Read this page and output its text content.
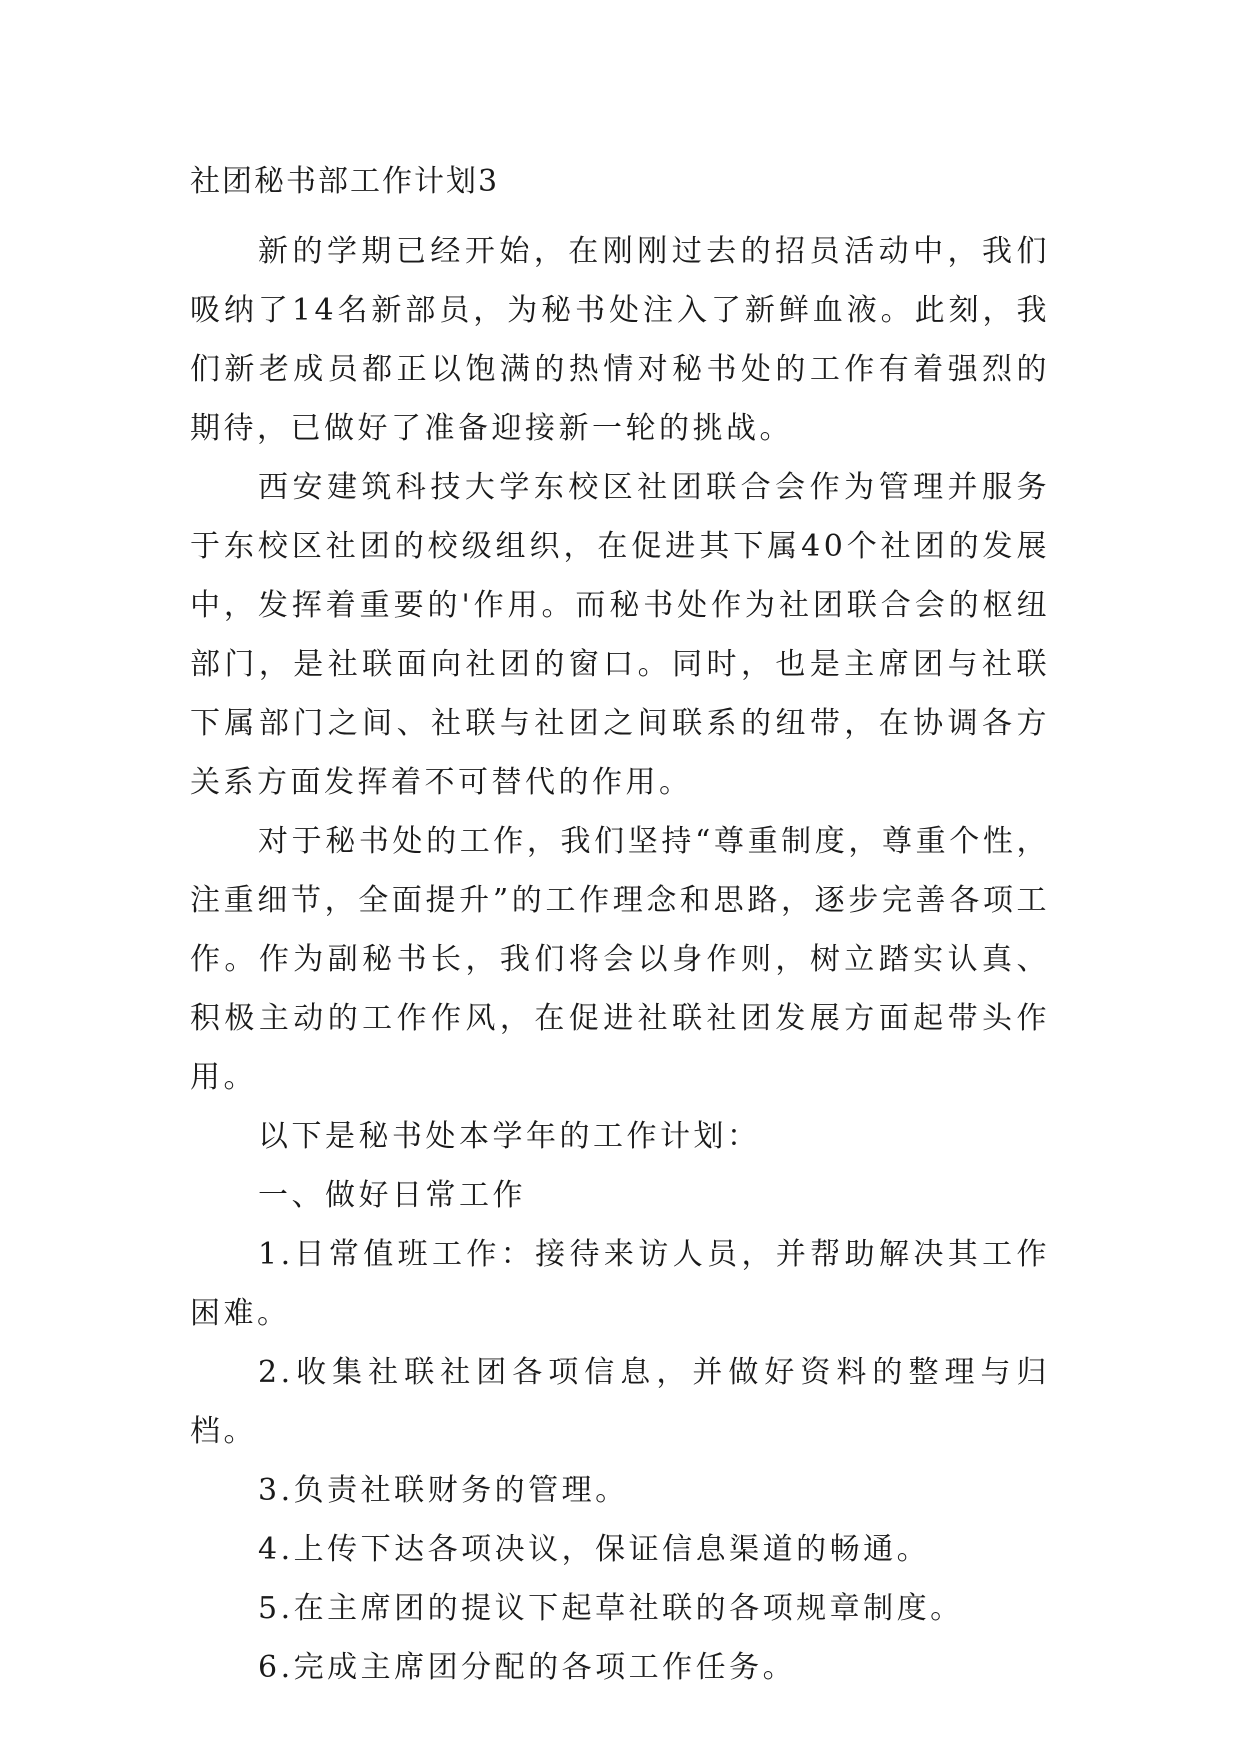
社团秘书部工作计划3

新的学期已经开始，在刚刚过去的招员活动中，我们吸纳了14名新部员，为秘书处注入了新鲜血液。此刻，我们新老成员都正以饱满的热情对秘书处的工作有着强烈的期待，已做好了准备迎接新一轮的挑战。

西安建筑科技大学东校区社团联合会作为管理并服务于东校区社团的校级组织，在促进其下属40个社团的发展中，发挥着重要的'作用。而秘书处作为社团联合会的枢纽部门，是社联面向社团的窗口。同时，也是主席团与社联下属部门之间、社联与社团之间联系的纽带，在协调各方关系方面发挥着不可替代的作用。

对于秘书处的工作，我们坚持“尊重制度，尊重个性，注重细节，全面提升”的工作理念和思路，逐步完善各项工作。作为副秘书长，我们将会以身作则，树立踏实认真、积极主动的工作作风，在促进社联社团发展方面起带头作用。

以下是秘书处本学年的工作计划：

一、做好日常工作

1.日常值班工作：接待来访人员，并帮助解决其工作困难。

2.收集社联社团各项信息，并做好资料的整理与归档。

3.负责社联财务的管理。

4.上传下达各项决议，保证信息渠道的畅通。

5.在主席团的提议下起草社联的各项规章制度。

6.完成主席团分配的各项工作任务。
